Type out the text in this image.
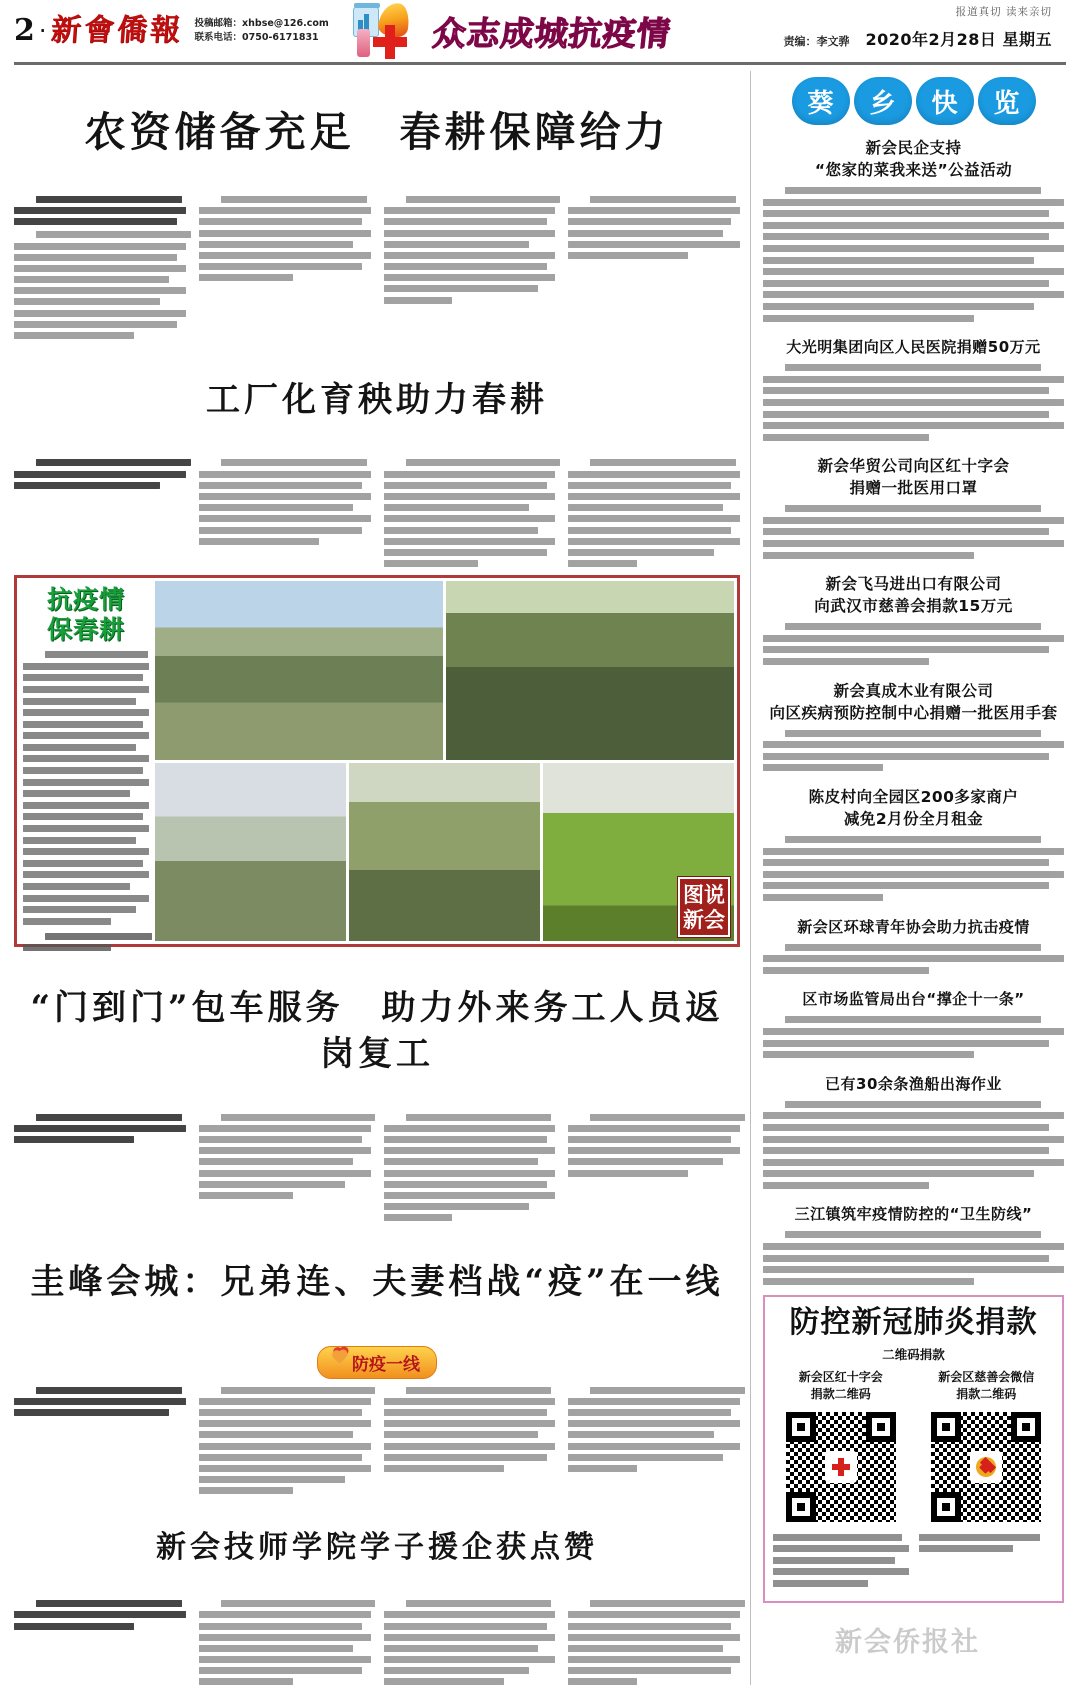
2 · 新會僑報 投稿邮箱：xhbse@126.com
联系电话：0750-6171831	众志成城抗疫情
报道真切 读来亲切
责编：李文骅 2020年2月28日 星期五
农资储备充足　春耕保障给力
工厂化育秧助力春耕
抗疫情
保春耕
图说
新会
“门到门”包车服务　助力外来务工人员返岗复工
圭峰会城：兄弟连、夫妻档战“疫”在一线
防疫一线
新会技师学院学子援企获点赞
葵	乡	快	览
新会民企支持
“您家的菜我来送”公益活动
大光明集团向区人民医院捐赠50万元
新会华贸公司向区红十字会
捐赠一批医用口罩
新会飞马进出口有限公司
向武汉市慈善会捐款15万元
新会真成木业有限公司
向区疾病预防控制中心捐赠一批医用手套
陈皮村向全园区200多家商户
减免2月份全月租金
新会区环球青年协会助力抗击疫情
区市场监管局出台“撑企十一条”
已有30余条渔船出海作业
三江镇筑牢疫情防控的“卫生防线”
防控新冠肺炎捐款
二维码捐款
新会区红十字会
捐款二维码
新会区慈善会微信
捐款二维码
新会侨报社
